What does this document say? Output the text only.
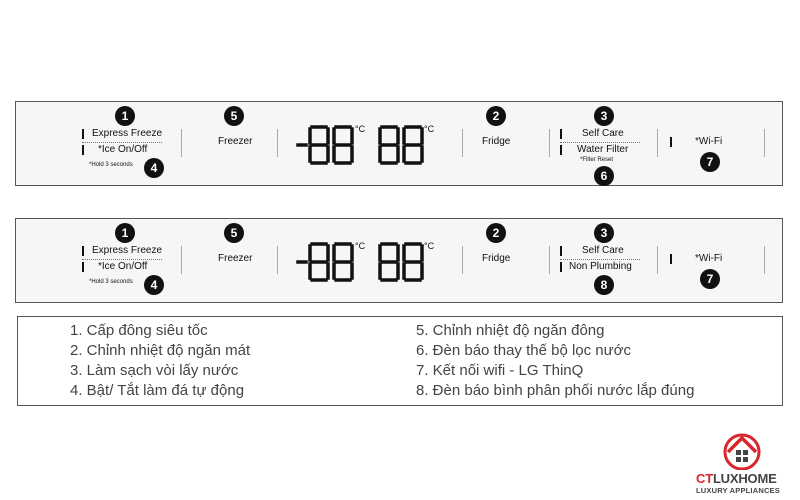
1
Express Freeze
*Ice On/Off
*Hold 3 seconds	4
5
Freezer
°C	°C
2
Fridge
3
Self Care
Water Filter
*Filter Reset
6
*Wi-Fi
7
1
Express Freeze
*Ice On/Off
*Hold 3 seconds	4
5
Freezer
°C	°C
2
Fridge
3
Self Care
Non Plumbing
8
*Wi-Fi
7
1. Cấp đông siêu tốc
2. Chỉnh nhiệt độ ngăn mát
3. Làm sạch vòi lấy nước
4. Bật/ Tắt làm đá tự động
5. Chỉnh nhiệt độ ngăn đông
6. Đèn báo thay thế bộ lọc nước
7. Kết nối wifi - LG ThinQ
8. Đèn báo bình phân phối nước lắp đúng
CTLUXHOME
LUXURY APPLIANCES
